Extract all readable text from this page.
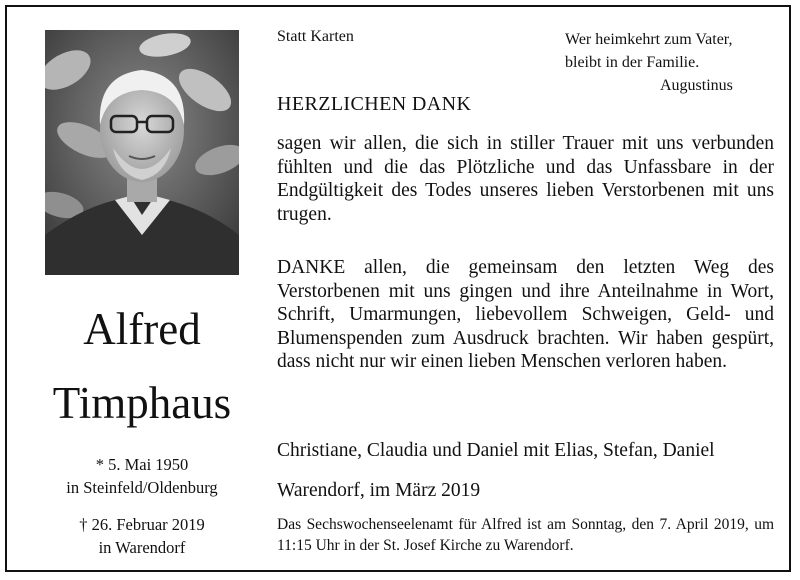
Alfred
Timphaus
* 5. Mai 1950
in Steinfeld/Oldenburg
† 26. Februar 2019
in Warendorf
Statt Karten	Wer heimkehrt zum Vater,
bleibt in der Familie.
Augustinus
HERZLICHEN DANK
sagen wir allen, die sich in stiller Trauer mit uns verbunden fühlten und die das Plötzliche und das Unfassbare in der Endgültigkeit des Todes unseres lieben Verstorbenen mit uns trugen.
DANKE allen, die gemeinsam den letzten Weg des Verstorbenen mit uns gingen und ihre Anteilnahme in Wort, Schrift, Umarmungen, liebevollem Schweigen, Geld- und Blumenspenden zum Ausdruck brachten. Wir haben gespürt, dass nicht nur wir einen lieben Menschen verloren haben.
Christiane, Claudia und Daniel mit Elias, Stefan, Daniel
Warendorf, im März 2019
Das Sechswochenseelenamt für Alfred ist am Sonntag, den 7. April 2019, um 11:15 Uhr in der St. Josef Kirche zu Warendorf.
